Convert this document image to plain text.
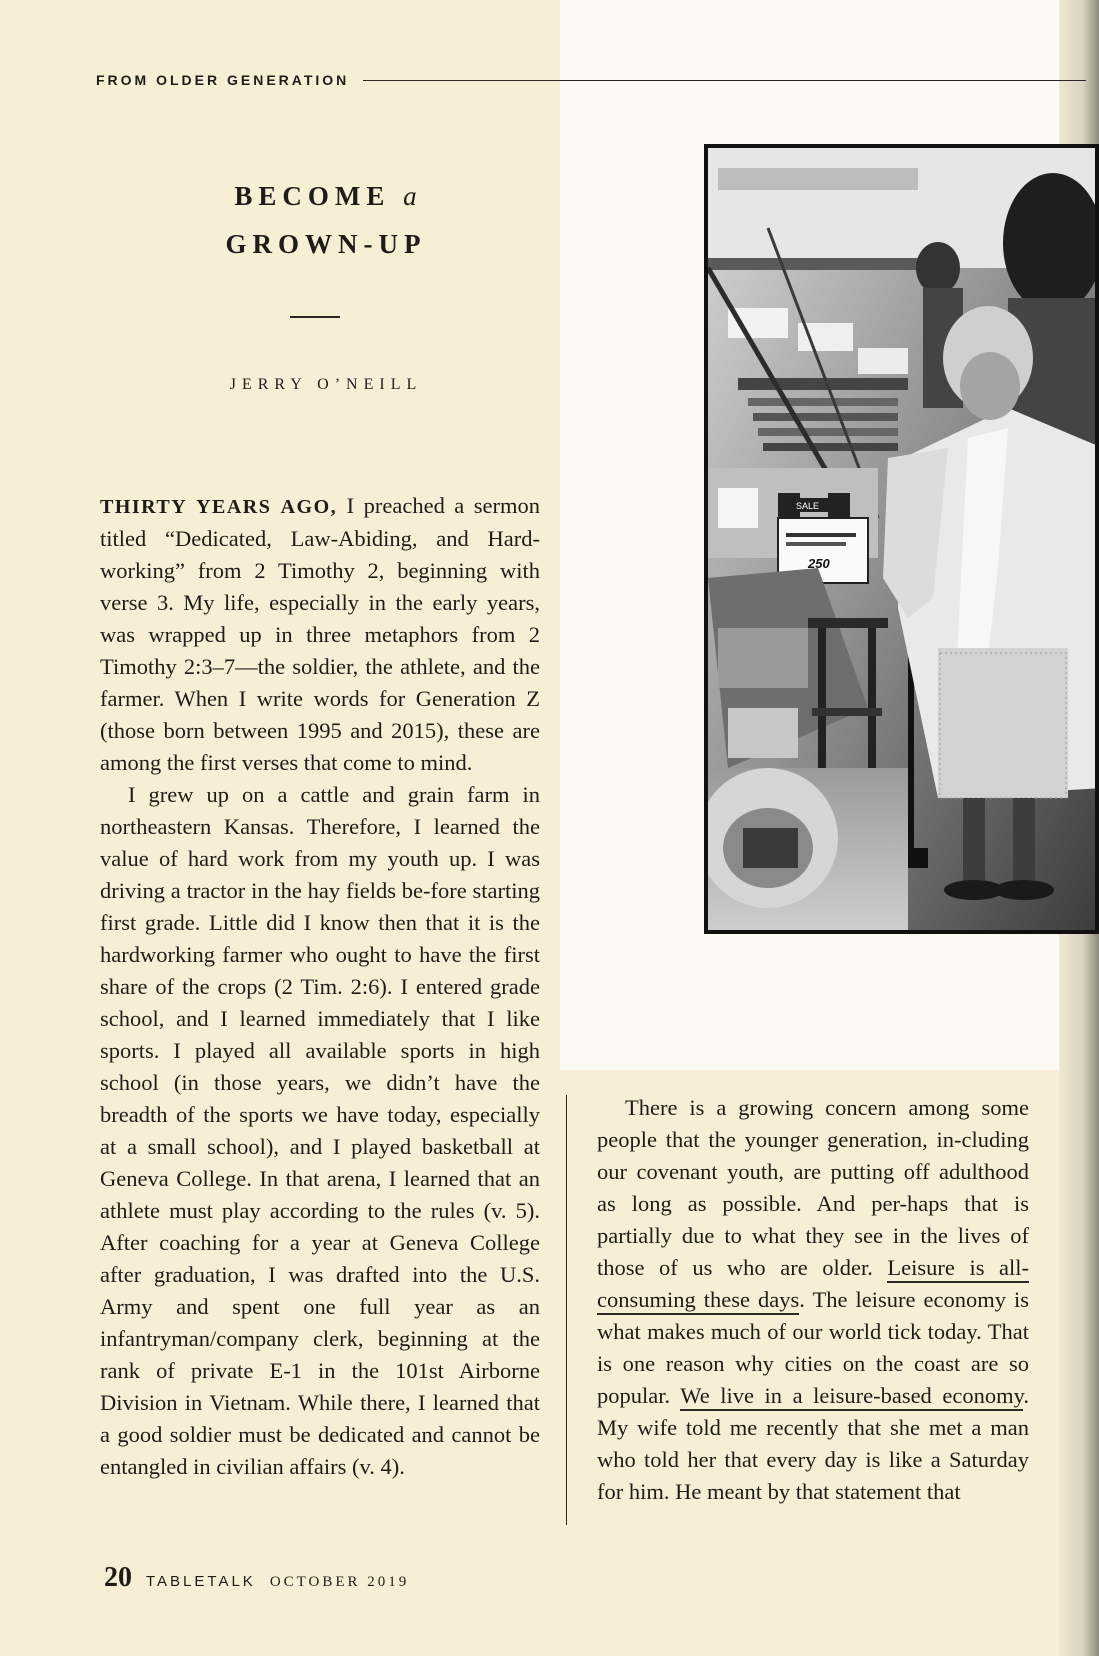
FROM OLDER GENERATION
BECOME a
GROWN-UP
JERRY O’NEILL

THIRTY YEARS AGO, I preached a sermon titled “Dedicated, Law-Abiding, and Hard-working” from 2 Timothy 2, beginning with verse 3. My life, especially in the early years, was wrapped up in three metaphors from 2 Timothy 2:3–7—the soldier, the athlete, and the farmer. When I write words for Generation Z (those born between 1995 and 2015), these are among the first verses that come to mind.

I grew up on a cattle and grain farm in northeastern Kansas. Therefore, I learned the value of hard work from my youth up. I was driving a tractor in the hay fields be-fore starting first grade. Little did I know then that it is the hardworking farmer who ought to have the first share of the crops (2 Tim. 2:6). I entered grade school, and I learned immediately that I like sports. I played all available sports in high school (in those years, we didn’t have the breadth of the sports we have today, especially at a small school), and I played basketball at Geneva College. In that arena, I learned that an athlete must play according to the rules (v. 5). After coaching for a year at Geneva College after graduation, I was drafted into the U.S. Army and spent one full year as an infantryman/company clerk, beginning at the rank of private E-1 in the 101st Airborne Division in Vietnam. While there, I learned that a good soldier must be dedicated and cannot be entangled in civilian affairs (v. 4).

There is a growing concern among some people that the younger generation, in-cluding our covenant youth, are putting off adulthood as long as possible. And per-haps that is partially due to what they see in the lives of those of us who are older. Leisure is all-consuming these days. The leisure economy is what makes much of our world tick today. That is one reason why cities on the coast are so popular. We live in a leisure-based economy. My wife told me recently that she met a man who told her that every day is like a Saturday for him. He meant by that statement that

SALE
250
20 TABLETALK OCTOBER 2019
